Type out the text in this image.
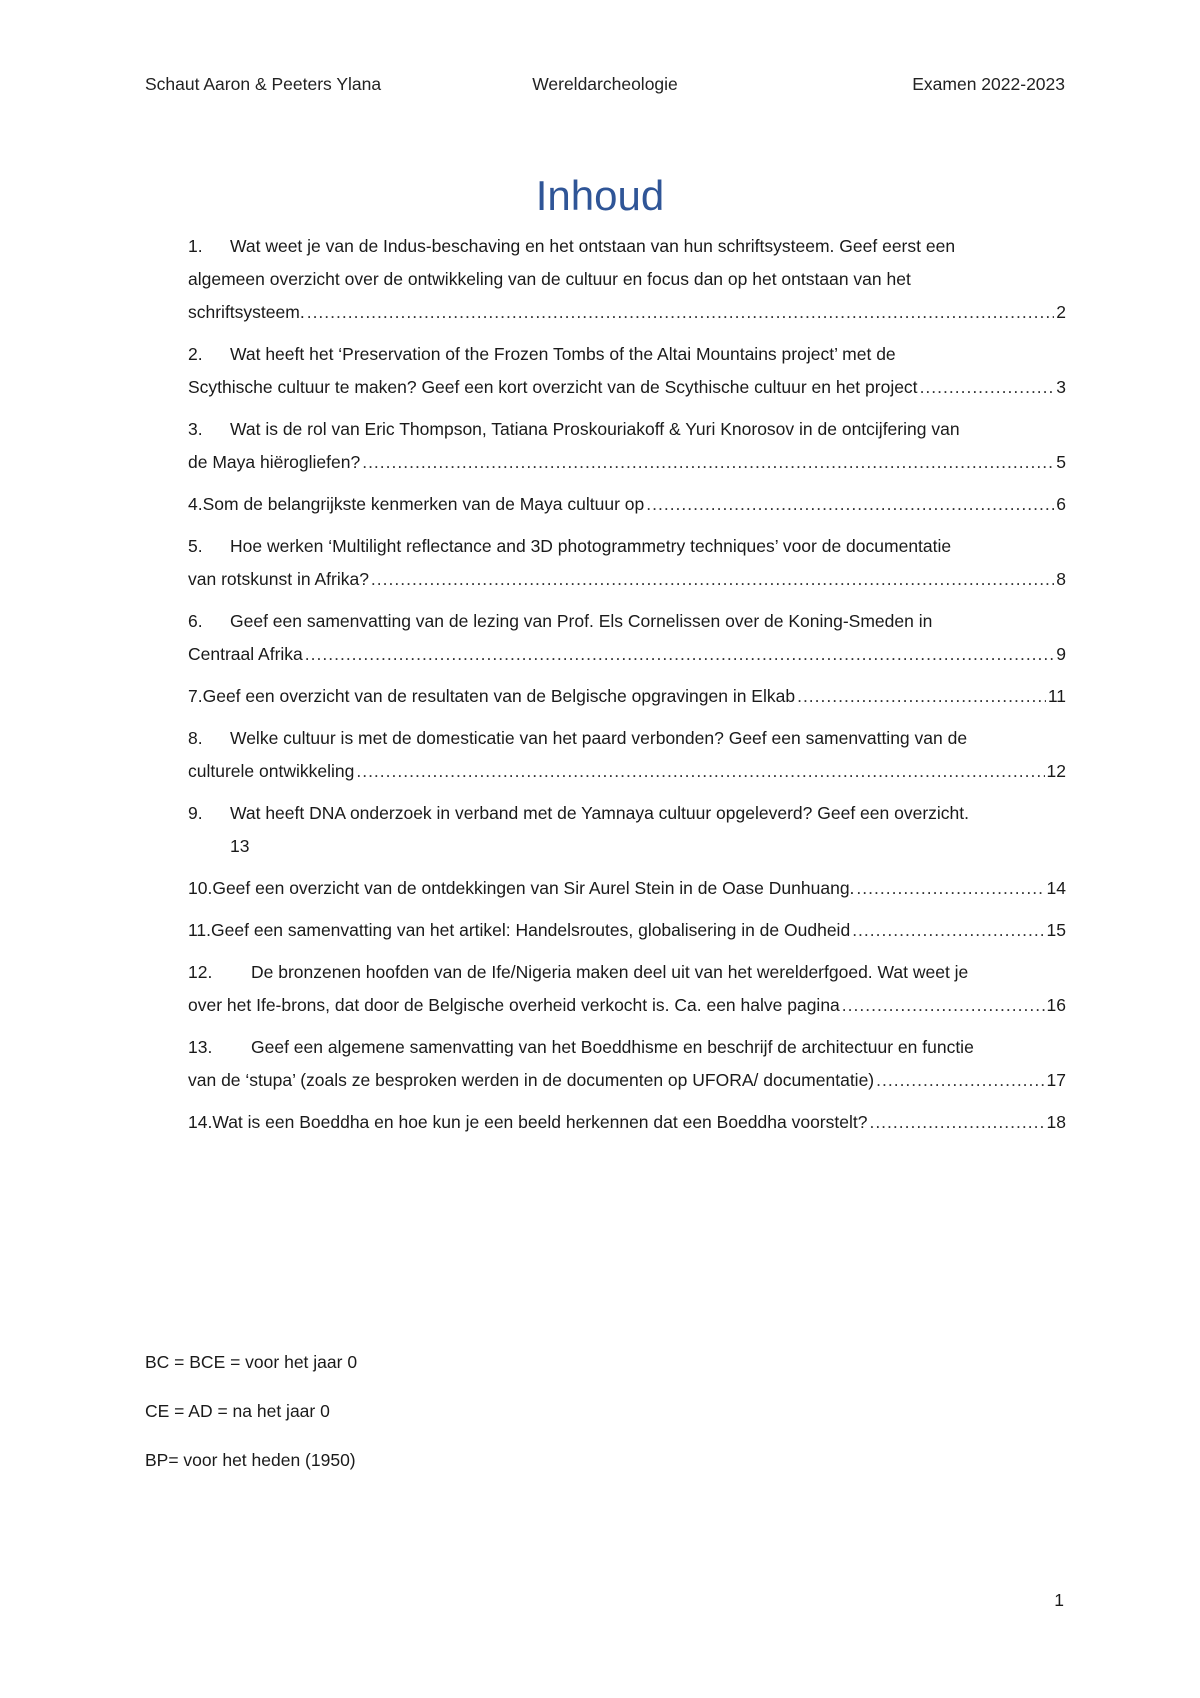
Schaut Aaron & Peeters Ylana	Wereldarcheologie	Examen 2022-2023
Inhoud
1. Wat weet je van de Indus-beschaving en het ontstaan van hun schriftsysteem. Geef eerst een
algemeen overzicht over de ontwikkeling van de cultuur en focus dan op het ontstaan van het
schriftsysteem. .....	2
2. Wat heeft het ‘Preservation of the Frozen Tombs of the Altai Mountains project’ met de
Scythische cultuur te maken? Geef een kort overzicht van de Scythische cultuur en het project .....	3
3. Wat is de rol van Eric Thompson, Tatiana Proskouriakoff & Yuri Knorosov in de ontcijfering van
de Maya hiërogliefen? .....	5
4. Som de belangrijkste kenmerken van de Maya cultuur op .....	6
5. Hoe werken ‘Multilight reflectance and 3D photogrammetry techniques’ voor de documentatie
van rotskunst in Afrika? .....	8
6. Geef een samenvatting van de lezing van Prof. Els Cornelissen over de Koning-Smeden in
Centraal Afrika .....	9
7. Geef een overzicht van de resultaten van de Belgische opgravingen in Elkab .....	11
8. Welke cultuur is met de domesticatie van het paard verbonden? Geef een samenvatting van de
culturele ontwikkeling .....	12
9. Wat heeft DNA onderzoek in verband met de Yamnaya cultuur opgeleverd? Geef een overzicht.
13
10. Geef een overzicht van de ontdekkingen van Sir Aurel Stein in de Oase Dunhuang. .....	14
11. Geef een samenvatting van het artikel: Handelsroutes, globalisering in de Oudheid .....	15
12. De bronzenen hoofden van de Ife/Nigeria maken deel uit van het werelderfgoed. Wat weet je
over het Ife-brons, dat door de Belgische overheid verkocht is. Ca. een halve pagina .....	16
13. Geef een algemene samenvatting van het Boeddhisme en beschrijf de architectuur en functie
van de ‘stupa’ (zoals ze besproken werden in de documenten op UFORA/ documentatie) .....	17
14. Wat is een Boeddha en hoe kun je een beeld herkennen dat een Boeddha voorstelt? .....	18
BC = BCE = voor het jaar 0
CE = AD = na het jaar 0
BP= voor het heden (1950)
1
